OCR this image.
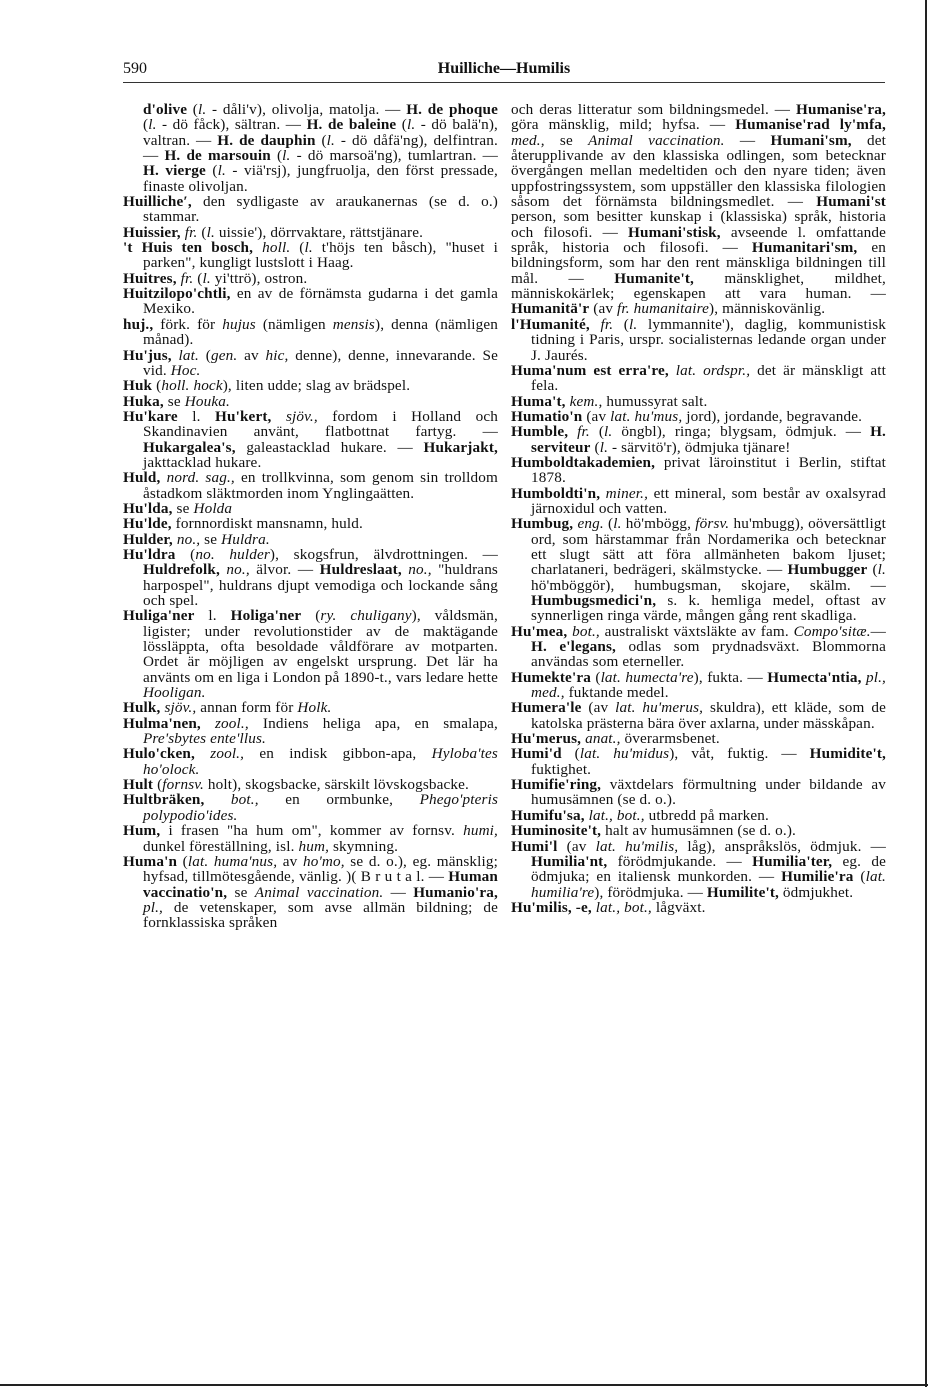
Huilliche—Humilis
590

d'olive (l. - dåli'v), olivolja, matolja. — H. de phoque (l. - dö fåck), sältran. — H. de baleine (l. - dö balä'n), valtran. — H. de dauphin (l. - dö dåfä'ng), delfintran. — H. de marsouin (l. - dö marsoä'ng), tumlartran. — H. vierge (l. - viä'rsj), jungfruolja, den först pressade, finaste olivoljan.

Huilliche′, den sydligaste av araukanernas (se d. o.) stammar.

Huissier, fr. (l. uissie'), dörrvaktare, rättstjänare.

't Huis ten bosch, holl. (l. t'höjs ten båsch), "huset i parken", kungligt lustslott i Haag.

Huitres, fr. (l. yi'ttrö), ostron.

Huitzilopo'chtli, en av de förnämsta gudarna i det gamla Mexiko.

huj., förk. för hujus (nämligen mensis), denna (nämligen månad).

Hu'jus, lat. (gen. av hic, denne), denne, innevarande. Se vid. Hoc.

Huk (holl. hock), liten udde; slag av brädspel.

Huka, se Houka.

Hu'kare l. Hu'kert, sjöv., fordom i Holland och Skandinavien använt, flatbottnat fartyg. — Hukargalea's, galeastacklad hukare. — Hukarjakt, jakttacklad hukare.

Huld, nord. sag., en trollkvinna, som genom sin trolldom åstadkom släktmorden inom Ynglingaätten.

Hu'lda, se Holda

Hu'lde, fornnordiskt mansnamn, huld.

Hulder, no., se Huldra.

Hu'ldra (no. hulder), skogsfrun, älvdrottningen. — Huldrefolk, no., älvor. — Huldreslaat, no., "huldrans harpospel", huldrans djupt vemodiga och lockande sång och spel.

Huliga'ner l. Holiga'ner (ry. chuligany), våldsmän, ligister; under revolutionstider av de maktägande lössläppta, ofta besoldade våldförare av motparten. Ordet är möjligen av engelskt ursprung. Det lär ha använts om en liga i London på 1890-t., vars ledare hette Hooligan.

Hulk, sjöv., annan form för Holk.

Hulma'nen, zool., Indiens heliga apa, en smalapa, Pre'sbytes ente'llus.

Hulo'cken, zool., en indisk gibbon-apa, Hyloba'tes ho'olock.

Hult (fornsv. holt), skogsbacke, särskilt lövskogsbacke.

Hultbräken, bot., en ormbunke, Phego'pteris polypodio'ides.

Hum, i frasen "ha hum om", kommer av fornsv. humi, dunkel föreställning, isl. hum, skymning.

Huma'n (lat. huma'nus, av ho'mo, se d. o.), eg. mänsklig; hyfsad, tillmötesgående, vänlig. )( B r u t a l. — Human vaccinatio'n, se Animal vaccination. — Humanio'ra, pl., de vetenskaper, som avse allmän bildning; de fornklassiska språken

och deras litteratur som bildningsmedel. — Humanise'ra, göra mänsklig, mild; hyfsa. — Humanise'rad ly'mfa, med., se Animal vaccination. — Humani'sm, det återupplivande av den klassiska odlingen, som betecknar övergången mellan medeltiden och den nyare tiden; även uppfostringssystem, som uppställer den klassiska filologien såsom det förnämsta bildningsmedlet. — Humani'st person, som besitter kunskap i (klassiska) språk, historia och filosofi. — Humani'stisk, avseende l. omfattande språk, historia och filosofi. — Humanitari'sm, en bildningsform, som har den rent mänskliga bildningen till mål. — Humanite't, mänsklighet, mildhet, människokärlek; egenskapen att vara human. — Humanitä'r (av fr. humanitaire), människovänlig.

l'Humanité, fr. (l. lymmannite'), daglig, kommunistisk tidning i Paris, urspr. socialisternas ledande organ under J. Jaurés.

Huma'num est erra're, lat. ordspr., det är mänskligt att fela.

Huma't, kem., humussyrat salt.

Humatio'n (av lat. hu'mus, jord), jordande, begravande.

Humble, fr. (l. öngbl), ringa; blygsam, ödmjuk. — H. serviteur (l. - särvitö'r), ödmjuka tjänare!

Humboldtakademien, privat läroinstitut i Berlin, stiftat 1878.

Humboldti'n, miner., ett mineral, som består av oxalsyrad järnoxidul och vatten.

Humbug, eng. (l. hö'mbögg, försv. hu'mbugg), oöversättligt ord, som härstammar från Nordamerika och betecknar ett slugt sätt att föra allmänheten bakom ljuset; charlataneri, bedrägeri, skälmstycke. — Humbugger (l. hö'mböggör), humbugsman, skojare, skälm. — Humbugsmedici'n, s. k. hemliga medel, oftast av synnerligen ringa värde, mången gång rent skadliga.

Hu'mea, bot., australiskt växtsläkte av fam. Compo'sitæ.—H. e'legans, odlas som prydnadsväxt. Blommorna användas som eterneller.

Humekte'ra (lat. humecta're), fukta. — Humecta'ntia, pl., med., fuktande medel.

Humera'le (av lat. hu'merus, skuldra), ett kläde, som de katolska prästerna bära över axlarna, under mässkåpan.

Hu'merus, anat., överarmsbenet.

Humi'd (lat. hu'midus), våt, fuktig. — Humidite't, fuktighet.

Humifie'ring, växtdelars förmultning under bildande av humusämnen (se d. o.).

Humifu'sa, lat., bot., utbredd på marken.

Huminosite't, halt av humusämnen (se d. o.).

Humi'l (av lat. hu'milis, låg), anspråkslös, ödmjuk. — Humilia'nt, förödmjukande. — Humilia'ter, eg. de ödmjuka; en italiensk munkorden. — Humilie'ra (lat. humilia're), förödmjuka. — Humilite't, ödmjukhet.

Hu'milis, -e, lat., bot., lågväxt.
